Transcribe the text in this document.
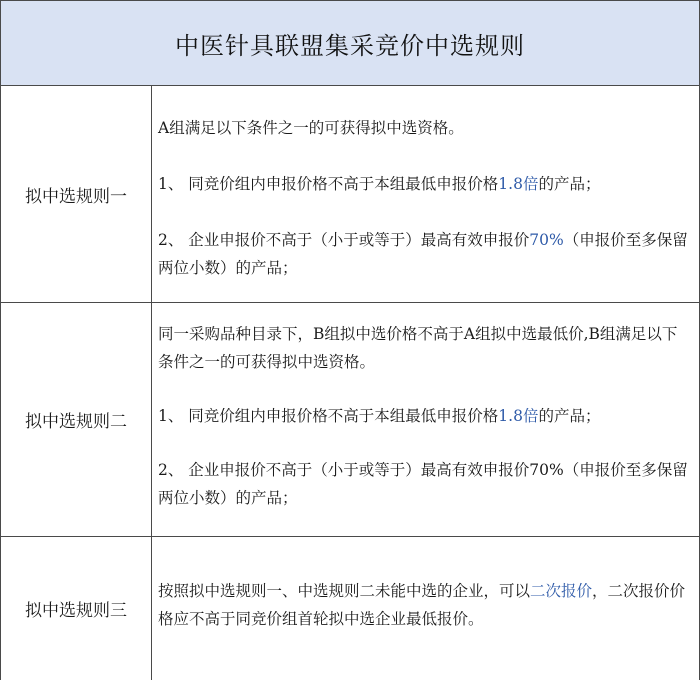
中医针具联盟集采竞价中选规则
拟中选规则一

A组满足以下条件之一的可获得拟中选资格。

1、 同竞价组内申报价格不高于本组最低申报价格1.8倍的产品；

2、 企业申报价不高于（小于或等于）最高有效申报价70%（申报价至多保留两位小数）的产品；

拟中选规则二

同一采购品种目录下，B组拟中选价格不高于A组拟中选最低价,B组满足以下条件之一的可获得拟中选资格。

1、 同竞价组内申报价格不高于本组最低申报价格1.8倍的产品；

2、 企业申报价不高于（小于或等于）最高有效申报价70%（申报价至多保留两位小数）的产品；

拟中选规则三

按照拟中选规则一、中选规则二未能中选的企业，可以二次报价，二次报价价格应不高于同竞价组首轮拟中选企业最低报价。
